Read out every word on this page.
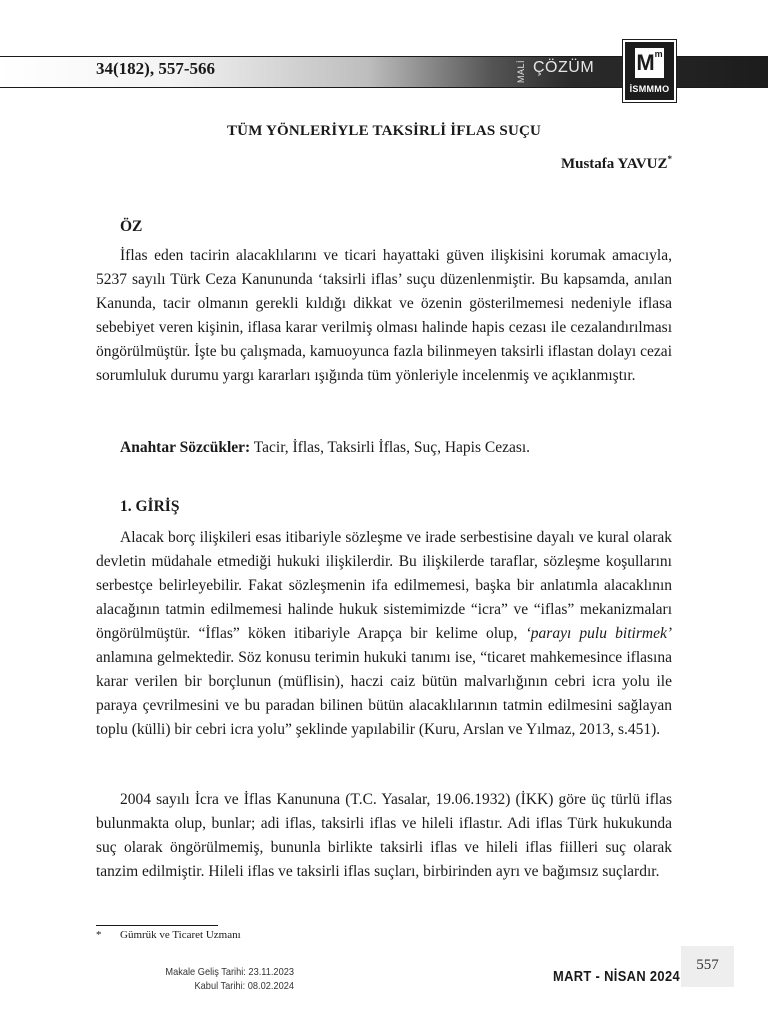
34(182), 557-566	MALİ ÇÖZÜM $M^m$
İSMMMO
TÜM YÖNLERİYLE TAKSİRLİ İFLAS SUÇU
Mustafa YAVUZ*
ÖZ

İflas eden tacirin alacaklılarını ve ticari hayattaki güven ilişkisini korumak amacıyla, 5237 sayılı Türk Ceza Kanununda ‘taksirli iflas’ suçu düzenlenmiştir. Bu kapsamda, anılan Kanunda, tacir olmanın gerekli kıldığı dikkat ve özenin gösterilmemesi nedeniyle iflasa sebebiyet veren kişinin, iflasa karar verilmiş olması halinde hapis cezası ile cezalandırılması öngörülmüştür. İşte bu çalışmada, kamuoyunca fazla bilinmeyen taksirli iflastan dolayı cezai sorumluluk durumu yargı kararları ışığında tüm yönleriyle incelenmiş ve açıklanmıştır.

Anahtar Sözcükler: Tacir, İflas, Taksirli İflas, Suç, Hapis Cezası.
1. GİRİŞ

Alacak borç ilişkileri esas itibariyle sözleşme ve irade serbestisine dayalı ve kural olarak devletin müdahale etmediği hukuki ilişkilerdir. Bu ilişkilerde taraflar, sözleşme koşullarını serbestçe belirleyebilir. Fakat sözleşmenin ifa edilmemesi, başka bir anlatımla alacaklının alacağının tatmin edilmemesi halinde hukuk sistemimizde “icra” ve “iflas” mekanizmaları öngörülmüştür. “İflas” köken itibariyle Arapça bir kelime olup, ‘parayı pulu bitirmek’ anlamına gelmektedir. Söz konusu terimin hukuki tanımı ise, “ticaret mahkemesince iflasına karar verilen bir borçlunun (müflisin), haczi caiz bütün malvarlığının cebri icra yolu ile paraya çevrilmesini ve bu paradan bilinen bütün alacaklılarının tatmin edilmesini sağlayan toplu (külli) bir cebri icra yolu” şeklinde yapılabilir (Kuru, Arslan ve Yılmaz, 2013, s.451).

2004 sayılı İcra ve İflas Kanununa (T.C. Yasalar, 19.06.1932) (İKK) göre üç türlü iflas bulunmakta olup, bunlar; adi iflas, taksirli iflas ve hileli iflastır. Adi iflas Türk hukukunda suç olarak öngörülmemiş, bununla birlikte taksirli iflas ve hileli iflas fiilleri suç olarak tanzim edilmiştir. Hileli iflas ve taksirli iflas suçları, birbirinden ayrı ve bağımsız suçlardır.

* Gümrük ve Ticaret Uzmanı
Makale Geliş Tarihi: 23.11.2023
Kabul Tarihi: 08.02.2024
MART - NİSAN 2024
557
